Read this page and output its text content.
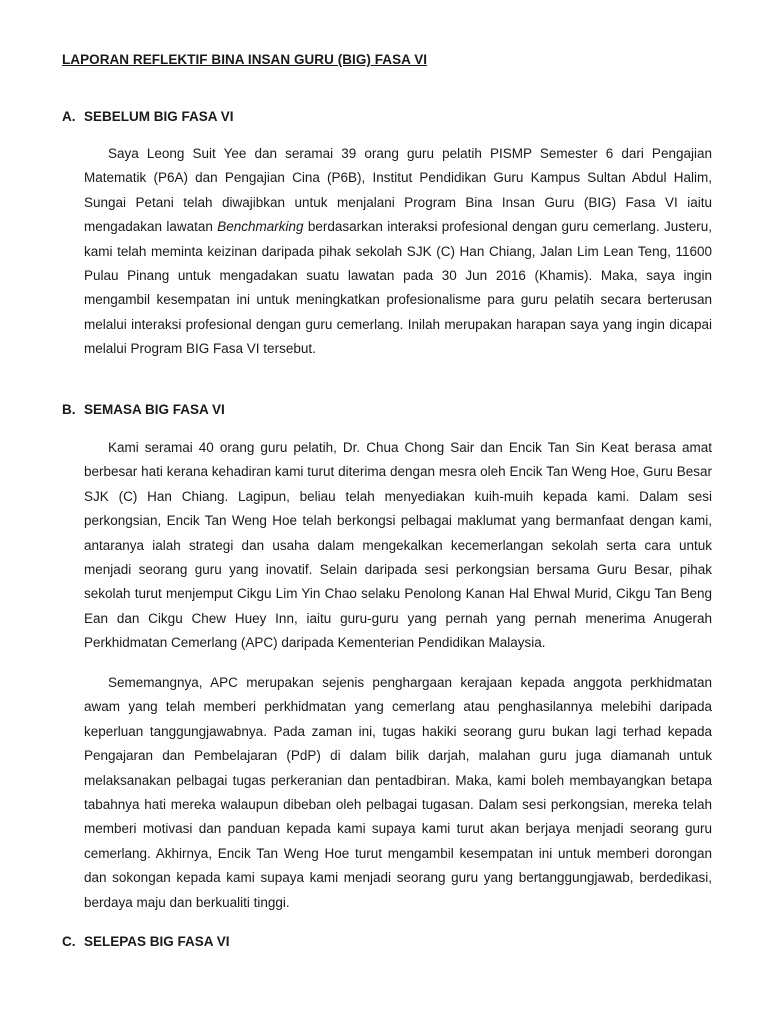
LAPORAN REFLEKTIF BINA INSAN GURU (BIG) FASA VI
A. SEBELUM BIG FASA VI

Saya Leong Suit Yee dan seramai 39 orang guru pelatih PISMP Semester 6 dari Pengajian Matematik (P6A) dan Pengajian Cina (P6B), Institut Pendidikan Guru Kampus Sultan Abdul Halim, Sungai Petani telah diwajibkan untuk menjalani Program Bina Insan Guru (BIG) Fasa VI iaitu mengadakan lawatan Benchmarking berdasarkan interaksi profesional dengan guru cemerlang. Justeru, kami telah meminta keizinan daripada pihak sekolah SJK (C) Han Chiang, Jalan Lim Lean Teng, 11600 Pulau Pinang untuk mengadakan suatu lawatan pada 30 Jun 2016 (Khamis). Maka, saya ingin mengambil kesempatan ini untuk meningkatkan profesionalisme para guru pelatih secara berterusan melalui interaksi profesional dengan guru cemerlang. Inilah merupakan harapan saya yang ingin dicapai melalui Program BIG Fasa VI tersebut.

B. SEMASA BIG FASA VI

Kami seramai 40 orang guru pelatih, Dr. Chua Chong Sair dan Encik Tan Sin Keat berasa amat berbesar hati kerana kehadiran kami turut diterima dengan mesra oleh Encik Tan Weng Hoe, Guru Besar SJK (C) Han Chiang. Lagipun, beliau telah menyediakan kuih-muih kepada kami. Dalam sesi perkongsian, Encik Tan Weng Hoe telah berkongsi pelbagai maklumat yang bermanfaat dengan kami, antaranya ialah strategi dan usaha dalam mengekalkan kecemerlangan sekolah serta cara untuk menjadi seorang guru yang inovatif. Selain daripada sesi perkongsian bersama Guru Besar, pihak sekolah turut menjemput Cikgu Lim Yin Chao selaku Penolong Kanan Hal Ehwal Murid, Cikgu Tan Beng Ean dan Cikgu Chew Huey Inn, iaitu guru-guru yang pernah yang pernah menerima Anugerah Perkhidmatan Cemerlang (APC) daripada Kementerian Pendidikan Malaysia.

Sememangnya, APC merupakan sejenis penghargaan kerajaan kepada anggota perkhidmatan awam yang telah memberi perkhidmatan yang cemerlang atau penghasilannya melebihi daripada keperluan tanggungjawabnya. Pada zaman ini, tugas hakiki seorang guru bukan lagi terhad kepada Pengajaran dan Pembelajaran (PdP) di dalam bilik darjah, malahan guru juga diamanah untuk melaksanakan pelbagai tugas perkeranian dan pentadbiran. Maka, kami boleh membayangkan betapa tabahnya hati mereka walaupun dibeban oleh pelbagai tugasan. Dalam sesi perkongsian, mereka telah memberi motivasi dan panduan kepada kami supaya kami turut akan berjaya menjadi seorang guru cemerlang. Akhirnya, Encik Tan Weng Hoe turut mengambil kesempatan ini untuk memberi dorongan dan sokongan kepada kami supaya kami menjadi seorang guru yang bertanggungjawab, berdedikasi, berdaya maju dan berkualiti tinggi.

C. SELEPAS BIG FASA VI
